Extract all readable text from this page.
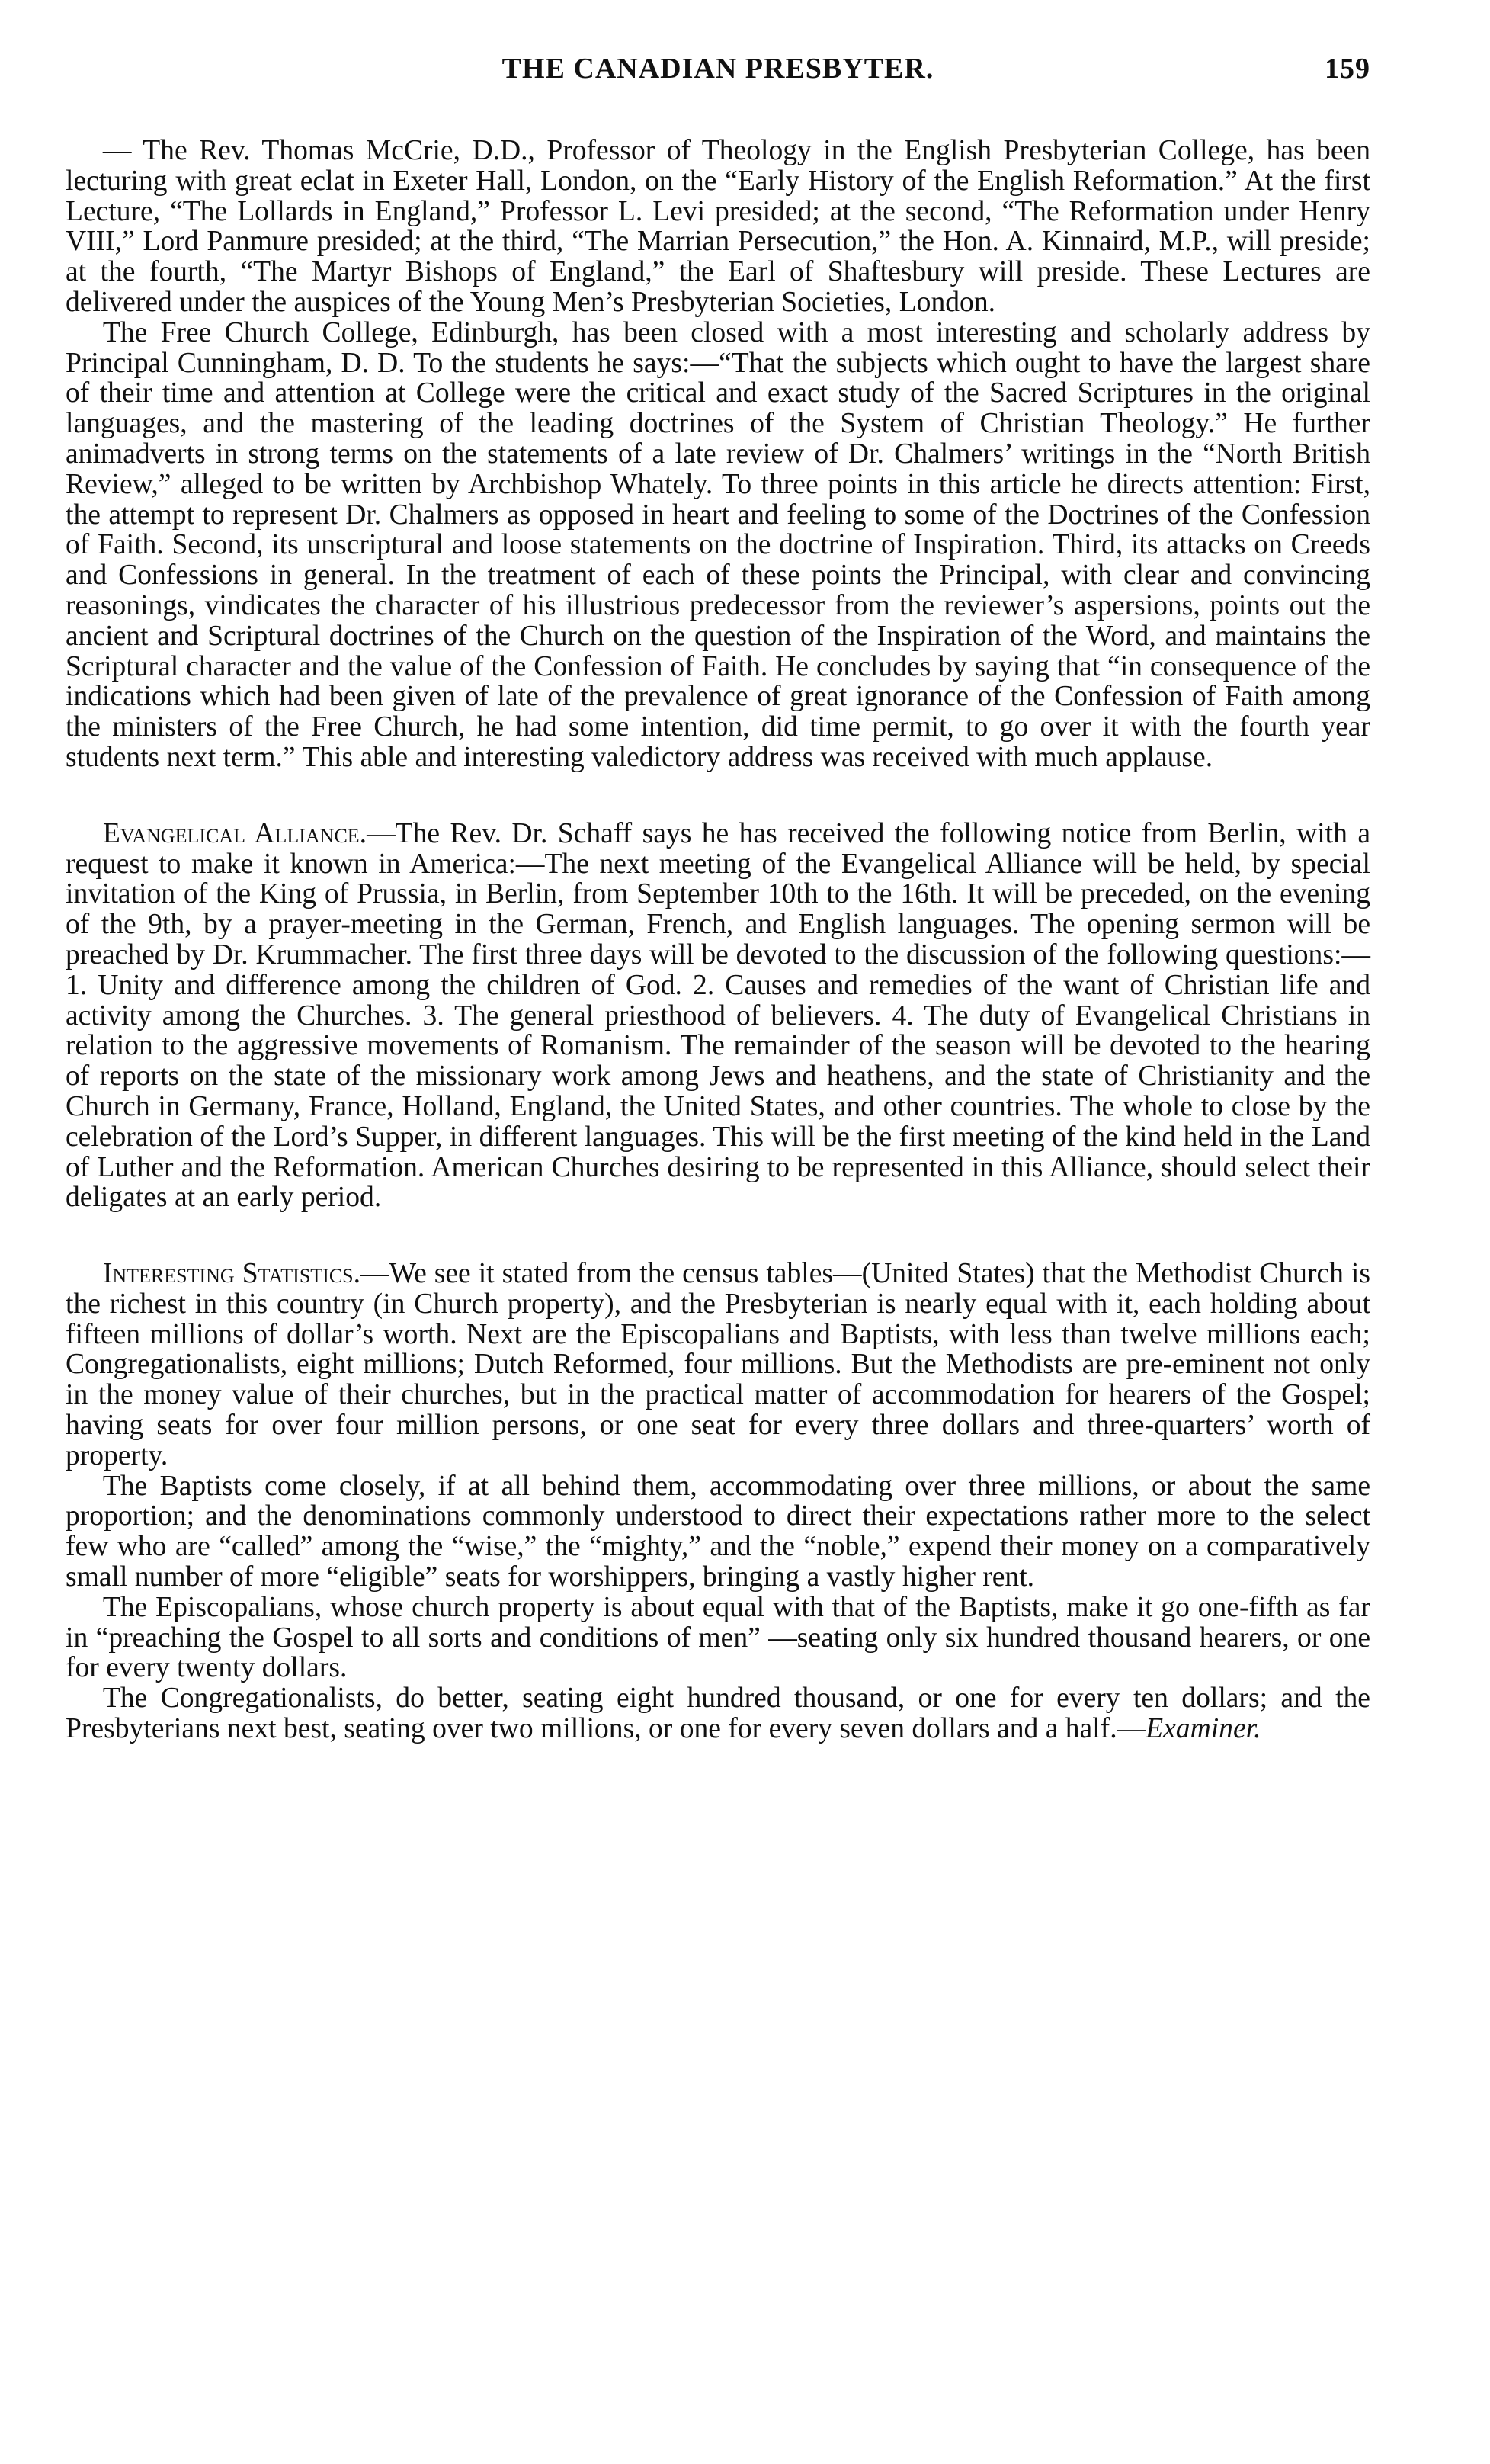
THE CANADIAN PRESBYTER.	159

— The Rev. Thomas McCrie, D.D., Professor of Theology in the English Presbyterian College, has been lecturing with great eclat in Exeter Hall, London, on the “Early History of the English Reformation.” At the first Lecture, “The Lollards in England,” Professor L. Levi presided; at the second, “The Reformation under Henry VIII,” Lord Panmure presided; at the third, “The Marrian Persecution,” the Hon. A. Kinnaird, M.P., will preside; at the fourth, “The Martyr Bishops of England,” the Earl of Shaftesbury will preside. These Lectures are delivered under the auspices of the Young Men’s Presbyterian Societies, London.

The Free Church College, Edinburgh, has been closed with a most interesting and scholarly address by Principal Cunningham, D. D. To the students he says:—“That the subjects which ought to have the largest share of their time and attention at College were the critical and exact study of the Sacred Scriptures in the original languages, and the mastering of the leading doctrines of the System of Christian Theology.” He further animadverts in strong terms on the statements of a late review of Dr. Chalmers’ writings in the “North British Review,” alleged to be written by Archbishop Whately. To three points in this article he directs attention: First, the attempt to represent Dr. Chalmers as opposed in heart and feeling to some of the Doctrines of the Confession of Faith. Second, its unscriptural and loose statements on the doctrine of Inspiration. Third, its attacks on Creeds and Confessions in general. In the treatment of each of these points the Principal, with clear and convincing reasonings, vindicates the character of his illustrious predecessor from the reviewer’s aspersions, points out the ancient and Scriptural doctrines of the Church on the question of the Inspiration of the Word, and maintains the Scriptural character and the value of the Confession of Faith. He concludes by saying that “in consequence of the indications which had been given of late of the prevalence of great ignorance of the Confession of Faith among the ministers of the Free Church, he had some intention, did time permit, to go over it with the fourth year students next term.” This able and interesting valedictory address was received with much applause.

Evangelical Alliance.—The Rev. Dr. Schaff says he has received the following notice from Berlin, with a request to make it known in America:—The next meeting of the Evangelical Alliance will be held, by special invitation of the King of Prussia, in Berlin, from September 10th to the 16th. It will be preceded, on the evening of the 9th, by a prayer-meeting in the German, French, and English languages. The opening sermon will be preached by Dr. Krummacher. The first three days will be devoted to the discussion of the following questions:—1. Unity and difference among the children of God. 2. Causes and remedies of the want of Christian life and activity among the Churches. 3. The general priesthood of believers. 4. The duty of Evangelical Christians in relation to the aggressive movements of Romanism. The remainder of the season will be devoted to the hearing of reports on the state of the missionary work among Jews and heathens, and the state of Christianity and the Church in Germany, France, Holland, England, the United States, and other countries. The whole to close by the celebration of the Lord’s Supper, in different languages. This will be the first meeting of the kind held in the Land of Luther and the Reformation. American Churches desiring to be represented in this Alliance, should select their deligates at an early period.

Interesting Statistics.—We see it stated from the census tables—(United States) that the Methodist Church is the richest in this country (in Church property), and the Presbyterian is nearly equal with it, each holding about fifteen millions of dollar’s worth. Next are the Episcopalians and Baptists, with less than twelve millions each; Congregationalists, eight millions; Dutch Reformed, four millions. But the Methodists are pre-eminent not only in the money value of their churches, but in the practical matter of accommodation for hearers of the Gospel; having seats for over four million persons, or one seat for every three dollars and three-quarters’ worth of property.

The Baptists come closely, if at all behind them, accommodating over three millions, or about the same proportion; and the denominations commonly understood to direct their expectations rather more to the select few who are “called” among the “wise,” the “mighty,” and the “noble,” expend their money on a comparatively small number of more “eligible” seats for worshippers, bringing a vastly higher rent.

The Episcopalians, whose church property is about equal with that of the Baptists, make it go one-fifth as far in “preaching the Gospel to all sorts and conditions of men” —seating only six hundred thousand hearers, or one for every twenty dollars.

The Congregationalists, do better, seating eight hundred thousand, or one for every ten dollars; and the Presbyterians next best, seating over two millions, or one for every seven dollars and a half.—Examiner.
